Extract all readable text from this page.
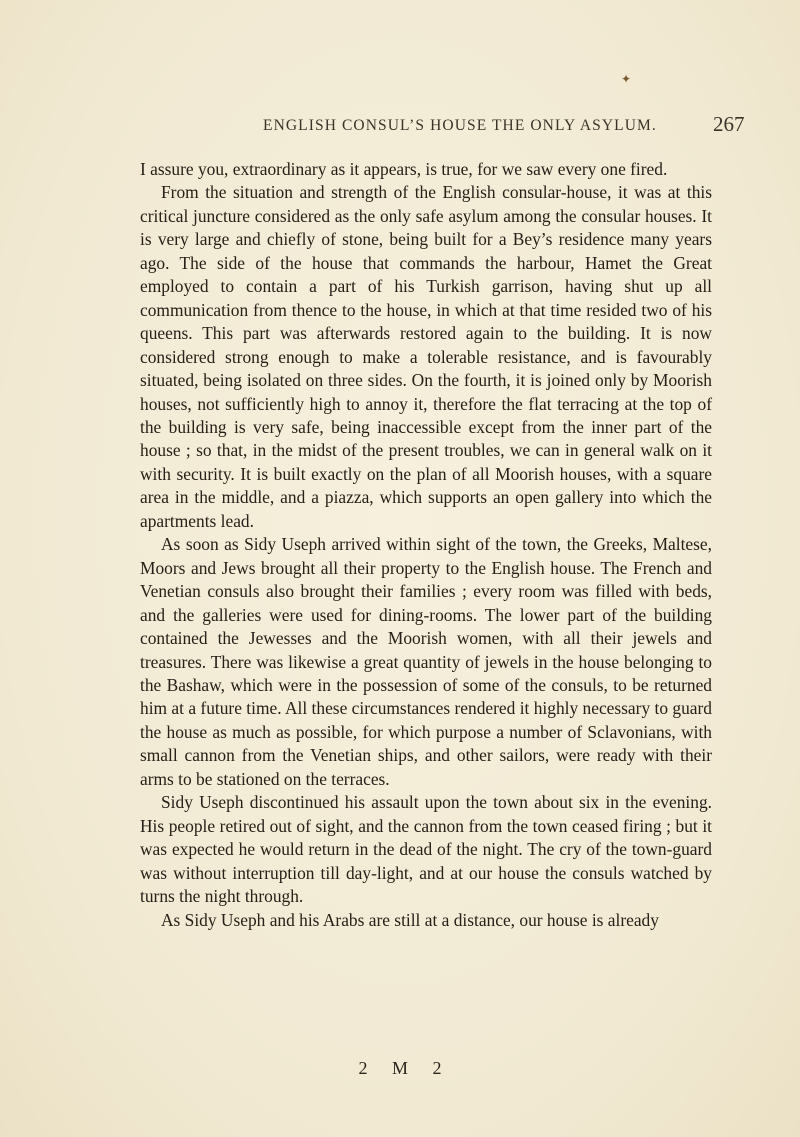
✦
ENGLISH CONSUL’S HOUSE THE ONLY ASYLUM.	267

I assure you, extraordinary as it appears, is true, for we saw every one fired.

From the situation and strength of the English consular-house, it was at this critical juncture considered as the only safe asylum among the consular houses. It is very large and chiefly of stone, being built for a Bey’s residence many years ago. The side of the house that commands the harbour, Hamet the Great employed to contain a part of his Turkish garrison, having shut up all communication from thence to the house, in which at that time resided two of his queens. This part was afterwards restored again to the building. It is now considered strong enough to make a tolerable resistance, and is favourably situated, being isolated on three sides. On the fourth, it is joined only by Moorish houses, not sufficiently high to annoy it, therefore the flat terracing at the top of the building is very safe, being inaccessible except from the inner part of the house ; so that, in the midst of the present troubles, we can in general walk on it with security. It is built exactly on the plan of all Moorish houses, with a square area in the middle, and a piazza, which supports an open gallery into which the apartments lead.

As soon as Sidy Useph arrived within sight of the town, the Greeks, Maltese, Moors and Jews brought all their property to the English house. The French and Venetian consuls also brought their families ; every room was filled with beds, and the galleries were used for dining-rooms. The lower part of the building contained the Jewesses and the Moorish women, with all their jewels and treasures. There was likewise a great quantity of jewels in the house belonging to the Bashaw, which were in the possession of some of the consuls, to be returned him at a future time. All these circumstances rendered it highly necessary to guard the house as much as possible, for which purpose a number of Sclavonians, with small cannon from the Venetian ships, and other sailors, were ready with their arms to be stationed on the terraces.

Sidy Useph discontinued his assault upon the town about six in the evening. His people retired out of sight, and the cannon from the town ceased firing ; but it was expected he would return in the dead of the night. The cry of the town-guard was without interruption till day-light, and at our house the consuls watched by turns the night through.

As Sidy Useph and his Arabs are still at a distance, our house is already

2 M 2
